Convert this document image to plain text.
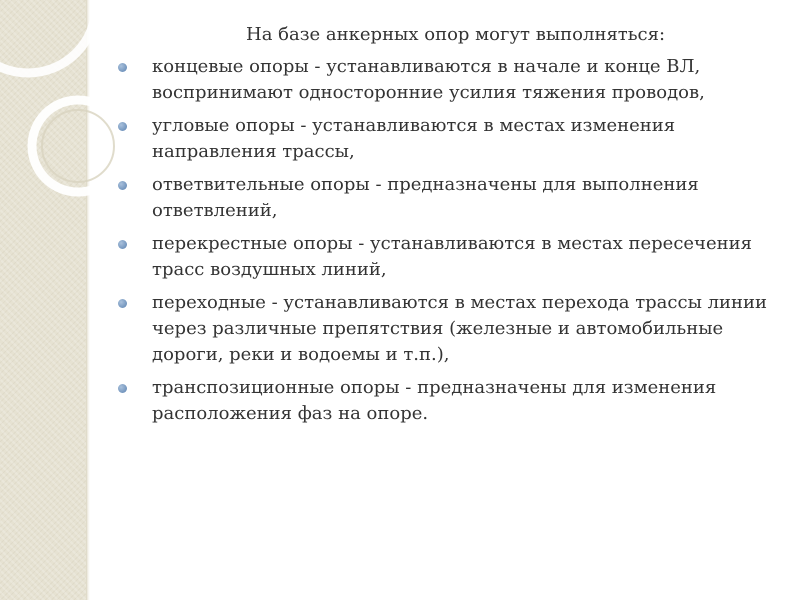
На базе анкерных опор могут выполняться:

концевые опоры - устанавливаются в начале и конце ВЛ, воспринимают односторонние усилия тяжения проводов,
угловые опоры - устанавливаются в местах изменения направления трассы,
ответвительные опоры - предназначены для выполнения ответвлений,
перекрестные опоры - устанавливаются в местах пересечения трасс воздушных линий,
переходные - устанавливаются в местах перехода трассы линии через различные препятствия (железные и автомобильные дороги, реки и водоемы и т.п.),
транспозиционные опоры - предназначены для изменения расположения фаз на опоре.
